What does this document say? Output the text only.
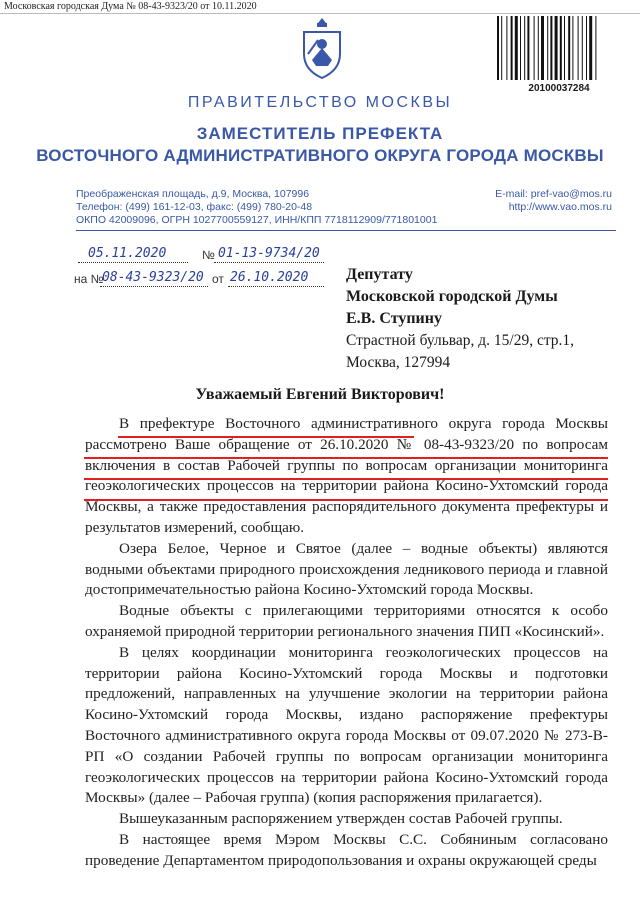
Московская городская Дума № 08-43-9323/20 от 10.11.2020
20100037284
ПРАВИТЕЛЬСТВО МОСКВЫ
ЗАМЕСТИТЕЛЬ ПРЕФЕКТА
ВОСТОЧНОГО АДМИНИСТРАТИВНОГО ОКРУГА ГОРОДА МОСКВЫ
Преображенская площадь, д.9, Москва, 107996
Телефон: (499) 161-12-03, факс: (499) 780-20-48
ОКПО 42009096, ОГРН 1027700559127, ИНН/КПП 7718112909/771801001
E-mail: pref-vao@mos.ru
http://www.vao.mos.ru
05.11.2020	№ 01-13-9734/20
на №
08-43-9323/20 от 26.10.2020 Депутату
Московской городской Думы
Е.В. Ступину
Страстной бульвар, д. 15/29, стр.1,
Москва, 127994
Уважаемый Евгений Викторович!

В префектуре Восточного административного округа города Москвы рассмотрено Ваше обращение от 26.10.2020 № 08-43-9323/20 по вопросам включения в состав Рабочей группы по вопросам организации мониторинга геоэкологических процессов на территории района Косино-Ухтомский города Москвы, а также предоставления распорядительного документа префектуры и результатов измерений, сообщаю.

Озера Белое, Черное и Святое (далее – водные объекты) являются водными объектами природного происхождения ледникового периода и главной достопримечательностью района Косино-Ухтомский города Москвы.

Водные объекты с прилегающими территориями относятся к особо охраняемой природной территории регионального значения ПИП «Косинский».

В целях координации мониторинга геоэкологических процессов на территории района Косино-Ухтомский города Москвы и подготовки предложений, направленных на улучшение экологии на территории района Косино-Ухтомский города Москвы, издано распоряжение префектуры Восточного административного округа города Москвы от 09.07.2020 № 273-В-РП «О создании Рабочей группы по вопросам организации мониторинга геоэкологических процессов на территории района Косино-Ухтомский города Москвы» (далее – Рабочая группа) (копия распоряжения прилагается).

Вышеуказанным распоряжением утвержден состав Рабочей группы.

В настоящее время Мэром Москвы С.С. Собяниным согласовано проведение Департаментом природопользования и охраны окружающей среды
